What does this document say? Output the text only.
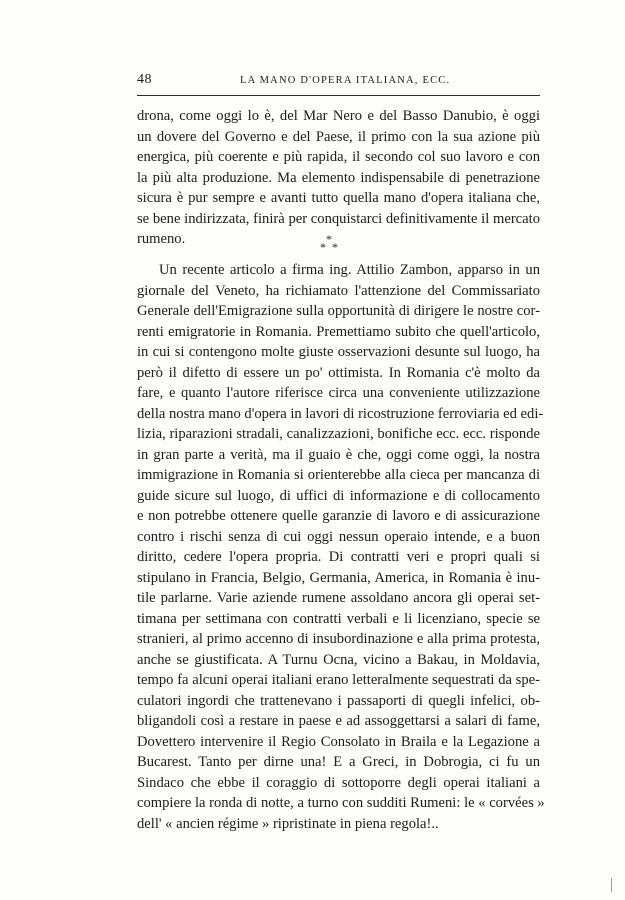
48	LA MANO D'OPERA ITALIANA, ECC.
drona, come oggi lo è, del Mar Nero e del Basso Danubio, è oggi
un dovere del Governo e del Paese, il primo con la sua azione più
energica, più coerente e più rapida, il secondo col suo lavoro e con
la più alta produzione. Ma elemento indispensabile di penetrazione
sicura è pur sempre e avanti tutto quella mano d'opera italiana che,
se bene indirizzata, finirà per conquistarci definitivamente il mercato
rumeno.	*
* *
Un recente articolo a firma ing. Attilio Zambon, apparso in un
giornale del Veneto, ha richiamato l'attenzione del Commissariato
Generale dell'Emigrazione sulla opportunità di dirigere le nostre cor-
renti emigratorie in Romania. Premettiamo subito che quell'articolo,
in cui si contengono molte giuste osservazioni desunte sul luogo, ha
però il difetto di essere un po' ottimista. In Romania c'è molto da
fare, e quanto l'autore riferisce circa una conveniente utilizzazione
della nostra mano d'opera in lavori di ricostruzione ferroviaria ed edi-
lizia, riparazioni stradali, canalizzazioni, bonifiche ecc. ecc. risponde
in gran parte a verità, ma il guaio è che, oggi come oggi, la nostra
immigrazione in Romania si orienterebbe alla cieca per mancanza di
guide sicure sul luogo, di uffici di informazione e di collocamento
e non potrebbe ottenere quelle garanzie di lavoro e di assicurazione
contro i rischi senza di cui oggi nessun operaio intende, e a buon
diritto, cedere l'opera propria. Di contratti veri e propri quali si
stipulano in Francia, Belgio, Germania, America, in Romania è inu-
tile parlarne. Varie aziende rumene assoldano ancora gli operai set-
timana per settimana con contratti verbali e li licenziano, specie se
stranieri, al primo accenno di insubordinazione e alla prima protesta,
anche se giustificata. A Turnu Ocna, vicino a Bakau, in Moldavia,
tempo fa alcuni operai italiani erano letteralmente sequestrati da spe-
culatori ingordi che trattenevano i passaporti di quegli infelici, ob-
bligandoli così a restare in paese e ad assoggettarsi a salari di fame,
Dovettero intervenire il Regio Consolato in Braila e la Legazione a
Bucarest. Tanto per dirne una! E a Greci, in Dobrogia, ci fu un
Sindaco che ebbe il coraggio di sottoporre degli operai italiani a
compiere la ronda di notte, a turno con sudditi Rumeni: le « corvées »
dell' « ancien régime » ripristinate in piena regola!..
